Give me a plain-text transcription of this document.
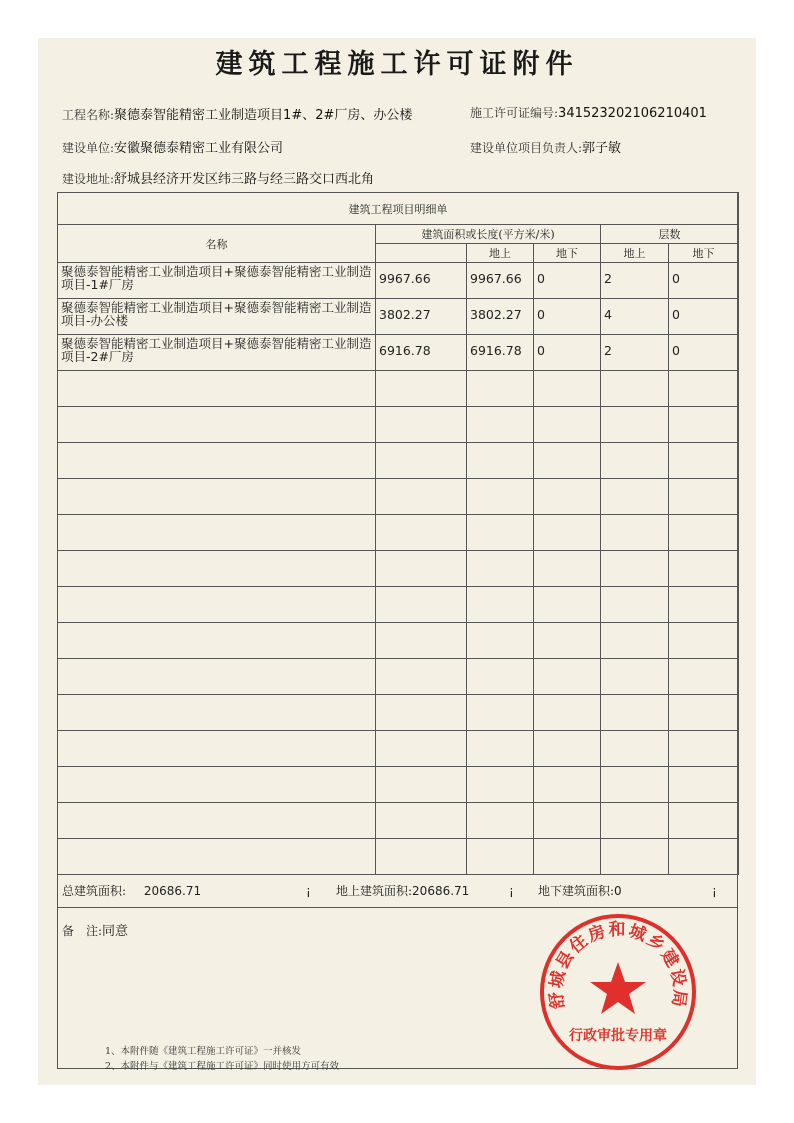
建筑工程施工许可证附件
工程名称:聚德泰智能精密工业制造项目1#、2#厂房、办公楼	施工许可证编号:341523202106210401
建设单位:安徽聚德泰精密工业有限公司	建设单位项目负责人:郭子敏
建设地址:舒城县经济开发区纬三路与经三路交口西北角
建筑工程项目明细单					
名称	建筑面积或长度(平方米/米)			层数	
		地上	地下	地上	地下

聚德泰智能精密工业制造项目+聚德泰智能精密工业制造项目-1#厂房	9967.66	9967.66	0	2	0

聚德泰智能精密工业制造项目+聚德泰智能精密工业制造项目-办公楼	3802.27	3802.27	0	4	0

聚德泰智能精密工业制造项目+聚德泰智能精密工业制造项目-2#厂房	6916.78	6916.78	0	2	0

总建筑面积: 20686.71	¡ 地上建筑面积:20686.71	¡ 地下建筑面积:0	¡
备　注:同意
1、本附件随《建筑工程施工许可证》一并核发
2、本附件与《建筑工程施工许可证》同时使用方可有效
舒城县住房和城乡建设局
行政审批专用章
